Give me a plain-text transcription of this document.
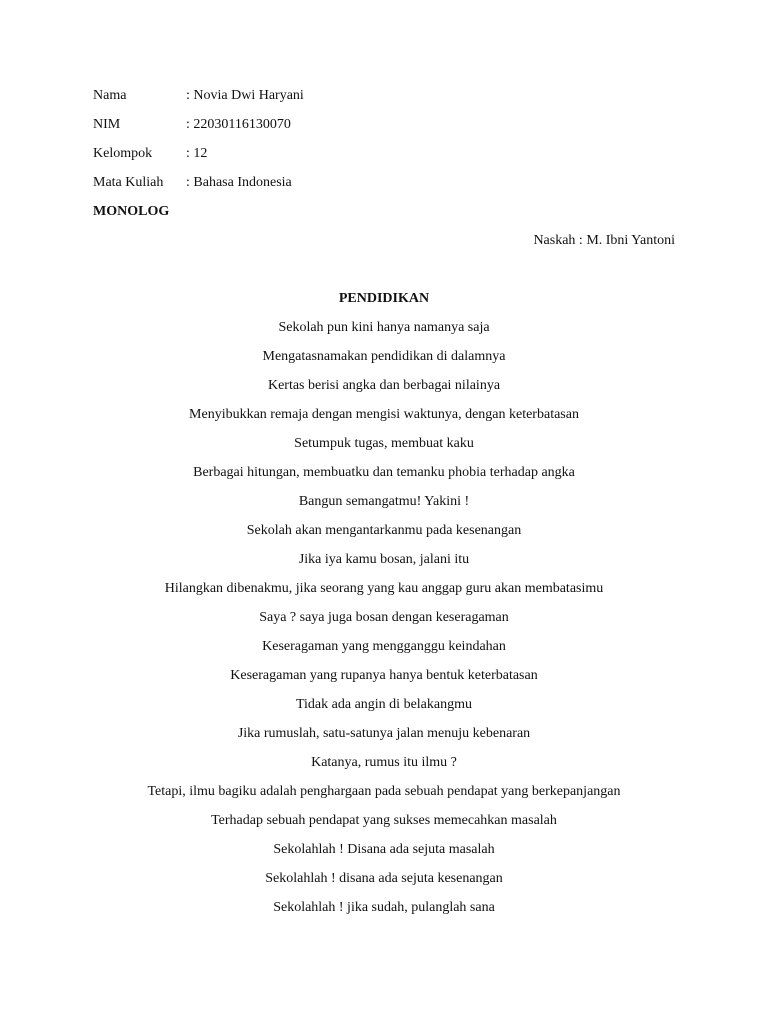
Nama	: Novia Dwi Haryani
NIM	: 22030116130070
Kelompok	: 12
Mata Kuliah	: Bahasa Indonesia
MONOLOG
Naskah : M. Ibni Yantoni
PENDIDIKAN
Sekolah pun kini hanya namanya saja
Mengatasnamakan pendidikan di dalamnya
Kertas berisi angka dan berbagai nilainya
Menyibukkan remaja dengan mengisi waktunya, dengan keterbatasan
Setumpuk tugas, membuat kaku
Berbagai hitungan, membuatku dan temanku phobia terhadap angka
Bangun semangatmu! Yakini !
Sekolah akan mengantarkanmu pada kesenangan
Jika iya kamu bosan, jalani itu
Hilangkan dibenakmu, jika seorang yang kau anggap guru akan membatasimu
Saya ? saya juga bosan dengan keseragaman
Keseragaman yang mengganggu keindahan
Keseragaman yang rupanya hanya bentuk keterbatasan
Tidak ada angin di belakangmu
Jika rumuslah, satu-satunya jalan menuju kebenaran
Katanya, rumus itu ilmu ?
Tetapi, ilmu bagiku adalah penghargaan pada sebuah pendapat yang berkepanjangan
Terhadap sebuah pendapat yang sukses memecahkan masalah
Sekolahlah ! Disana ada sejuta masalah
Sekolahlah ! disana ada sejuta kesenangan
Sekolahlah ! jika sudah, pulanglah sana
